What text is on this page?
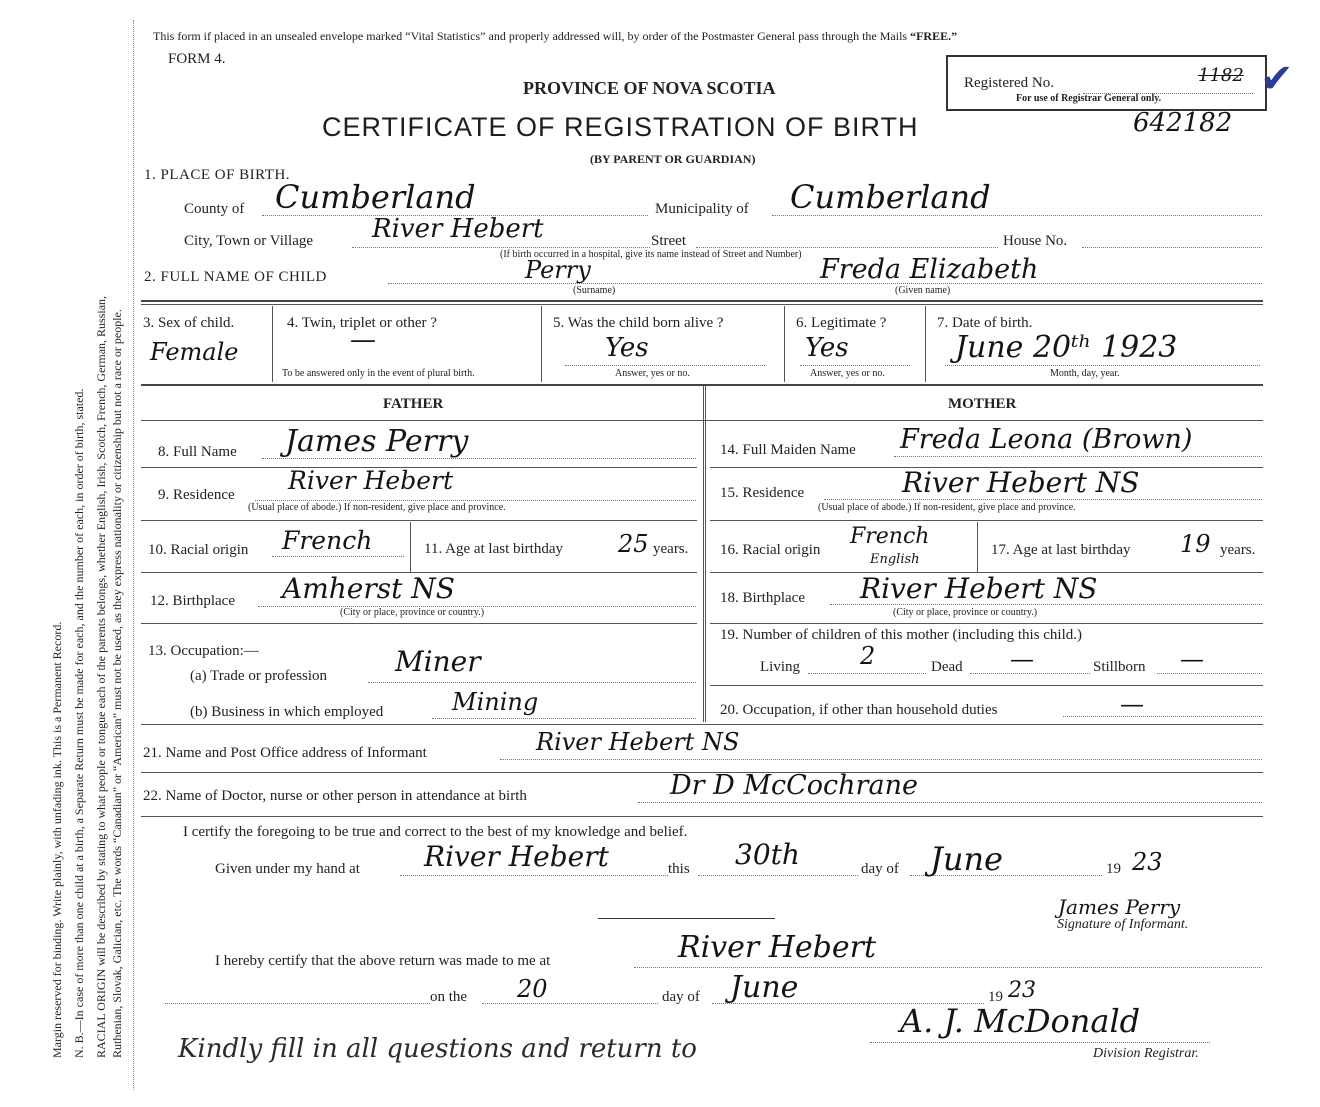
Margin reserved for binding. Write plainly, with unfading ink. This is a Permanent Record. N. B.—In case of more than one child at a birth, a Separate Return must be made for each, and the number of each, in order of birth, stated. RACIAL ORIGIN will be described by stating to what people or tongue each of the parents belongs, whether English, Irish, Scotch, French, German, Russian, Ruthenian, Slovak, Galician, etc. The words “Canadian” or “American” must not be used, as they express nationality or citizenship but not a race or people.
This form if placed in an unsealed envelope marked “Vital Statistics” and properly addressed will, by order of the Postmaster General pass through the Mails “FREE.”
FORM 4.
PROVINCE OF NOVA SCOTIA
CERTIFICATE OF REGISTRATION OF BIRTH
(BY PARENT OR GUARDIAN)
Registered No.	1182
For use of Registrar General only. ✔
642182
1. PLACE OF BIRTH.
County of Cumberland	Municipality of Cumberland
City, Town or Village River Hebert	Street	House No.
(If birth occurred in a hospital, give its name instead of Street and Number)
2. FULL NAME OF CHILD	Perry
(Surname)
Freda Elizabeth
(Given name)
3. Sex of child.
Female
4. Twin, triplet or other ?
—
To be answered only in the event of plural birth.
5. Was the child born alive ?
Yes
Answer, yes or no.
6. Legitimate ?
Yes
Answer, yes or no.
7. Date of birth.
June 20ᵗʰ 1923
Month, day, year.
FATHER	MOTHER
8. Full Name James Perry
9. Residence River Hebert
(Usual place of abode.) If non-resident, give place and province.
10. Racial origin French	11. Age at last birthday 25 years.
12. Birthplace Amherst NS
(City or place, province or country.)
13. Occupation:—
(a) Trade or profession Miner
(b) Business in which employed	Mining
14. Full Maiden Name Freda Leona (Brown)
15. Residence	River Hebert NS
(Usual place of abode.) If non-resident, give place and province.
16. Racial origin
French
English
17. Age at last birthday 19 years.
18. Birthplace River Hebert NS
(City or place, province or country.)
19. Number of children of this mother (including this child.)
Living	2	Dead —	Stillborn —
20. Occupation, if other than household duties	—
21. Name and Post Office address of Informant	River Hebert NS
22. Name of Doctor, nurse or other person in attendance at birth	Dr D McCochrane
I certify the foregoing to be true and correct to the best of my knowledge and belief.
Given under my hand at River Hebert	this 30th	day of June	19 23
James Perry
Signature of Informant.
I hereby certify that the above return was made to me at	River Hebert
on the 20	day of June	19 23
Kindly fill in all questions and return to
A. J. McDonald
Division Registrar.
